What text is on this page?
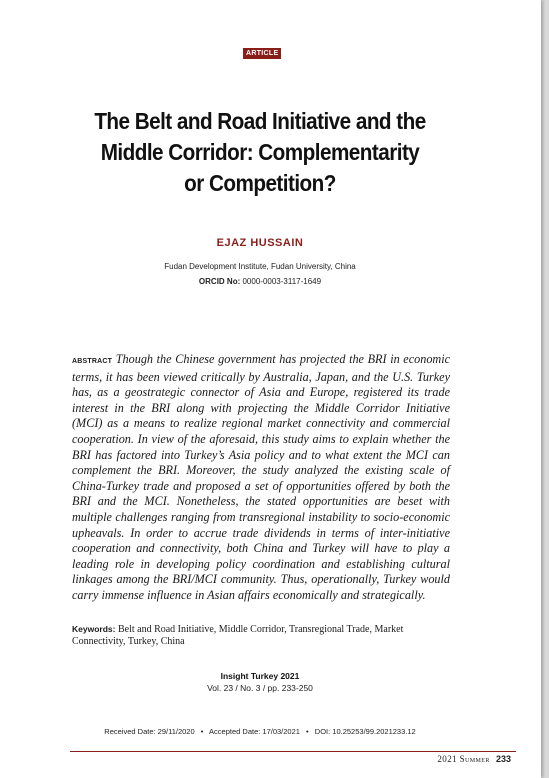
ARTICLE
The Belt and Road Initiative and the
Middle Corridor: Complementarity
or Competition?
EJAZ HUSSAIN
Fudan Development Institute, Fudan University, China
ORCID No: 0000-0003-3117-1649

ABSTRACT Though the Chinese government has projected the BRI in economic terms, it has been viewed critically by Australia, Japan, and the U.S. Turkey has, as a geostrategic connector of Asia and Europe, registered its trade interest in the BRI along with projecting the Middle Corridor Initiative (MCI) as a means to realize regional market connectivity and commercial cooperation. In view of the aforesaid, this study aims to explain whether the BRI has factored into Turkey’s Asia policy and to what extent the MCI can complement the BRI. Moreover, the study analyzed the existing scale of China-Turkey trade and proposed a set of opportunities offered by both the BRI and the MCI. Nonetheless, the stated opportunities are beset with multiple challenges ranging from transregional instability to socio-economic upheavals. In order to accrue trade dividends in terms of inter-initiative cooperation and connectivity, both China and Turkey will have to play a leading role in developing policy coordination and establishing cultural linkages among the BRI/MCI community. Thus, operationally, Turkey would carry immense influence in Asian affairs economically and strategically.

Keywords: Belt and Road Initiative, Middle Corridor, Transregional Trade, Market Connectivity, Turkey, China

Insight Turkey 2021
Vol. 23 / No. 3 / pp. 233-250
Received Date: 29/11/2020 • Accepted Date: 17/03/2021 • DOI: 10.25253/99.2021233.12
2021 Summer 233
